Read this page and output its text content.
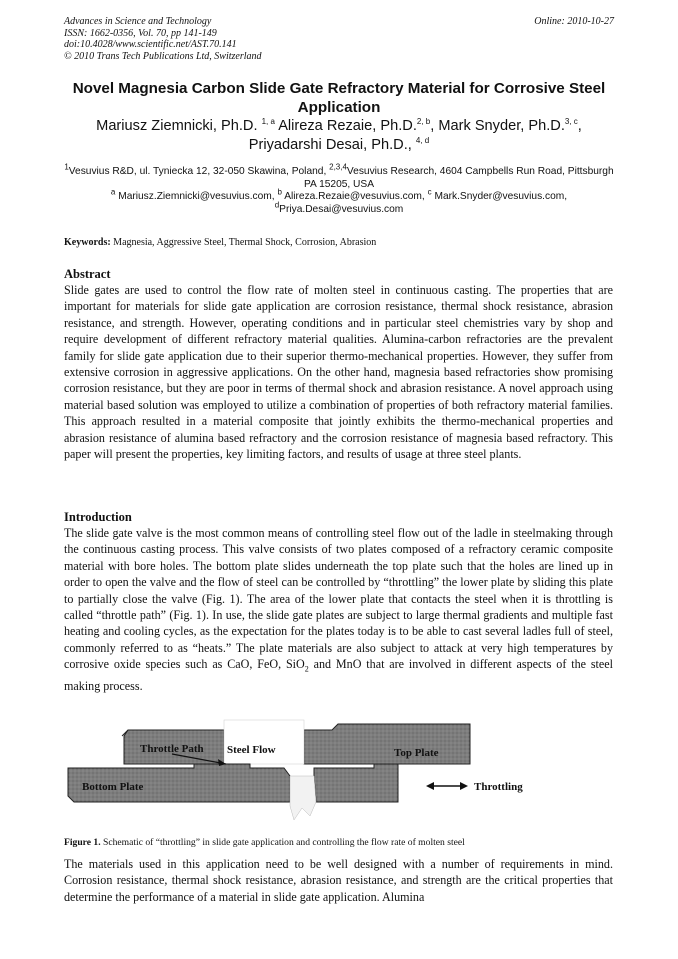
Advances in Science and Technology
ISSN: 1662-0356, Vol. 70, pp 141-149
doi:10.4028/www.scientific.net/AST.70.141
© 2010 Trans Tech Publications Ltd, Switzerland
Online: 2010-10-27
Novel Magnesia Carbon Slide Gate Refractory Material for Corrosive Steel Application
Mariusz Ziemnicki, Ph.D. $^{1, a}$ Alireza Rezaie, Ph.D.$^{2, b}$, Mark Snyder, Ph.D.$^{3, c}$,
Priyadarshi Desai, Ph.D., $^{4, d}$
$^1$Vesuvius R&D, ul. Tyniecka 12, 32-050 Skawina, Poland, $^{2,3,4}$Vesuvius Research, 4604 Campbells Run Road, Pittsburgh PA 15205, USA
$^a$ Mariusz.Ziemnicki@vesuvius.com, $^b$ Alireza.Rezaie@vesuvius.com, $^c$ Mark.Snyder@vesuvius.com,
$^d$Priya.Desai@vesuvius.com
Keywords: Magnesia, Aggressive Steel, Thermal Shock, Corrosion, Abrasion
Abstract
Slide gates are used to control the flow rate of molten steel in continuous casting. The properties that are important for materials for slide gate application are corrosion resistance, thermal shock resistance, abrasion resistance, and strength. However, operating conditions and in particular steel chemistries vary by shop and require development of different refractory material qualities. Alumina-carbon refractories are the prevalent family for slide gate application due to their superior thermo-mechanical properties. However, they suffer from extensive corrosion in aggressive applications. On the other hand, magnesia based refractories show promising corrosion resistance, but they are poor in terms of thermal shock and abrasion resistance. A novel approach using material based solution was employed to utilize a combination of properties of both refractory material families. This approach resulted in a material composite that jointly exhibits the thermo-mechanical properties and abrasion resistance of alumina based refractory and the corrosion resistance of magnesia based refractory. This paper will present the properties, key limiting factors, and results of usage at three steel plants.
Introduction
The slide gate valve is the most common means of controlling steel flow out of the ladle in steelmaking through the continuous casting process. This valve consists of two plates composed of a refractory ceramic composite material with bore holes. The bottom plate slides underneath the top plate such that the holes are lined up in order to open the valve and the flow of steel can be controlled by “throttling” the lower plate by sliding this plate to partially close the valve (Fig. 1). The area of the lower plate that contacts the steel when it is throttling is called “throttle path” (Fig. 1). In use, the slide gate plates are subject to large thermal gradients and multiple fast heating and cooling cycles, as the expectation for the plates today is to be able to cast several ladles full of steel, commonly referred to as “heats.” The plate materials are also subject to attack at very high temperatures by corrosive oxide species such as CaO, FeO, SiO$_2$ and MnO that are involved in different aspects of the steel making process.
Throttle Path Steel Flow	Top Plate
Bottom Plate	Throttling
Figure 1. Schematic of “throttling” in slide gate application and controlling the flow rate of molten steel
The materials used in this application need to be well designed with a number of requirements in mind. Corrosion resistance, thermal shock resistance, abrasion resistance, and strength are the critical properties that determine the performance of a material in slide gate application. Alumina
